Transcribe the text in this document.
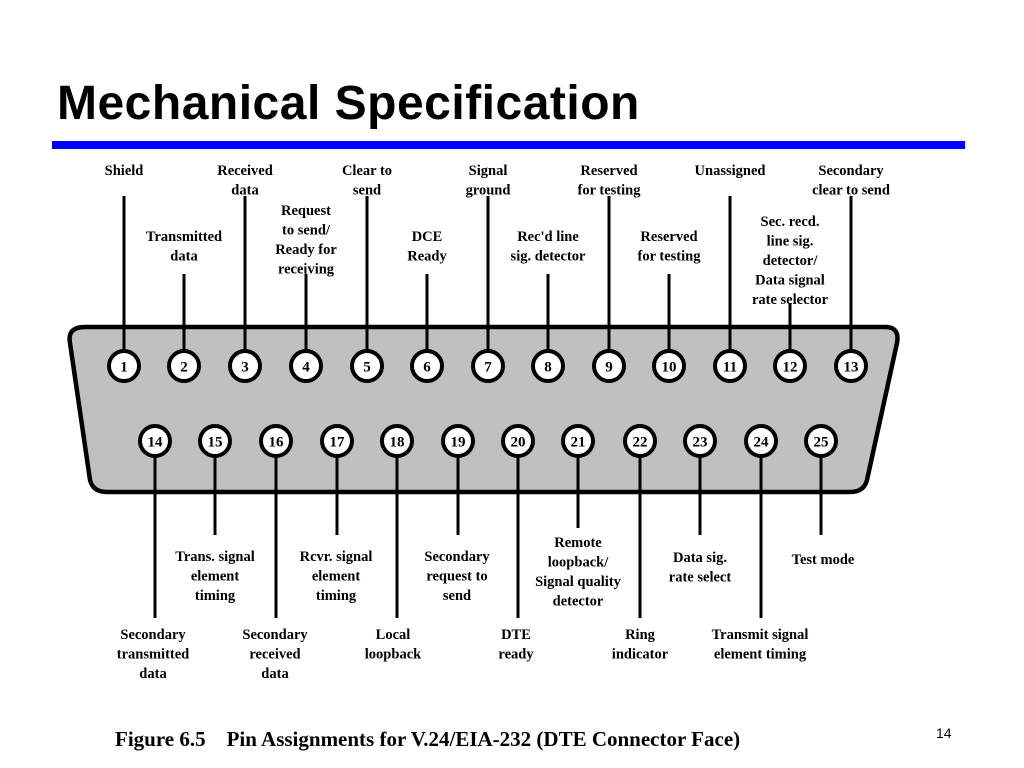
Mechanical Specification
1	2	3	4	5	6	7	8	9	10	11	12	13
14	15	16	17	18	19	20	21	22	23	24	25
Shield
Transmitted
data
Received
data
Request
to send/
Ready for
receiving
Clear to
send
DCE
Ready
Signal
ground
Rec'd line
sig. detector
Reserved
for testing
Reserved
for testing
Unassigned
Sec. recd.
line sig.
detector/
Data signal
rate selector
Secondary
clear to send
Secondary
transmitted
data
Trans. signal
element
timing
Secondary
received
data
Rcvr. signal
element
timing
Local
loopback
Secondary
request to
send
DTE
ready
Remote
loopback/
Signal quality
detector
Ring
indicator
Data sig.
rate select
Transmit signal
element timing
Test mode

Figure 6.5 Pin Assignments for V.24/EIA-232 (DTE Connector Face)	14
